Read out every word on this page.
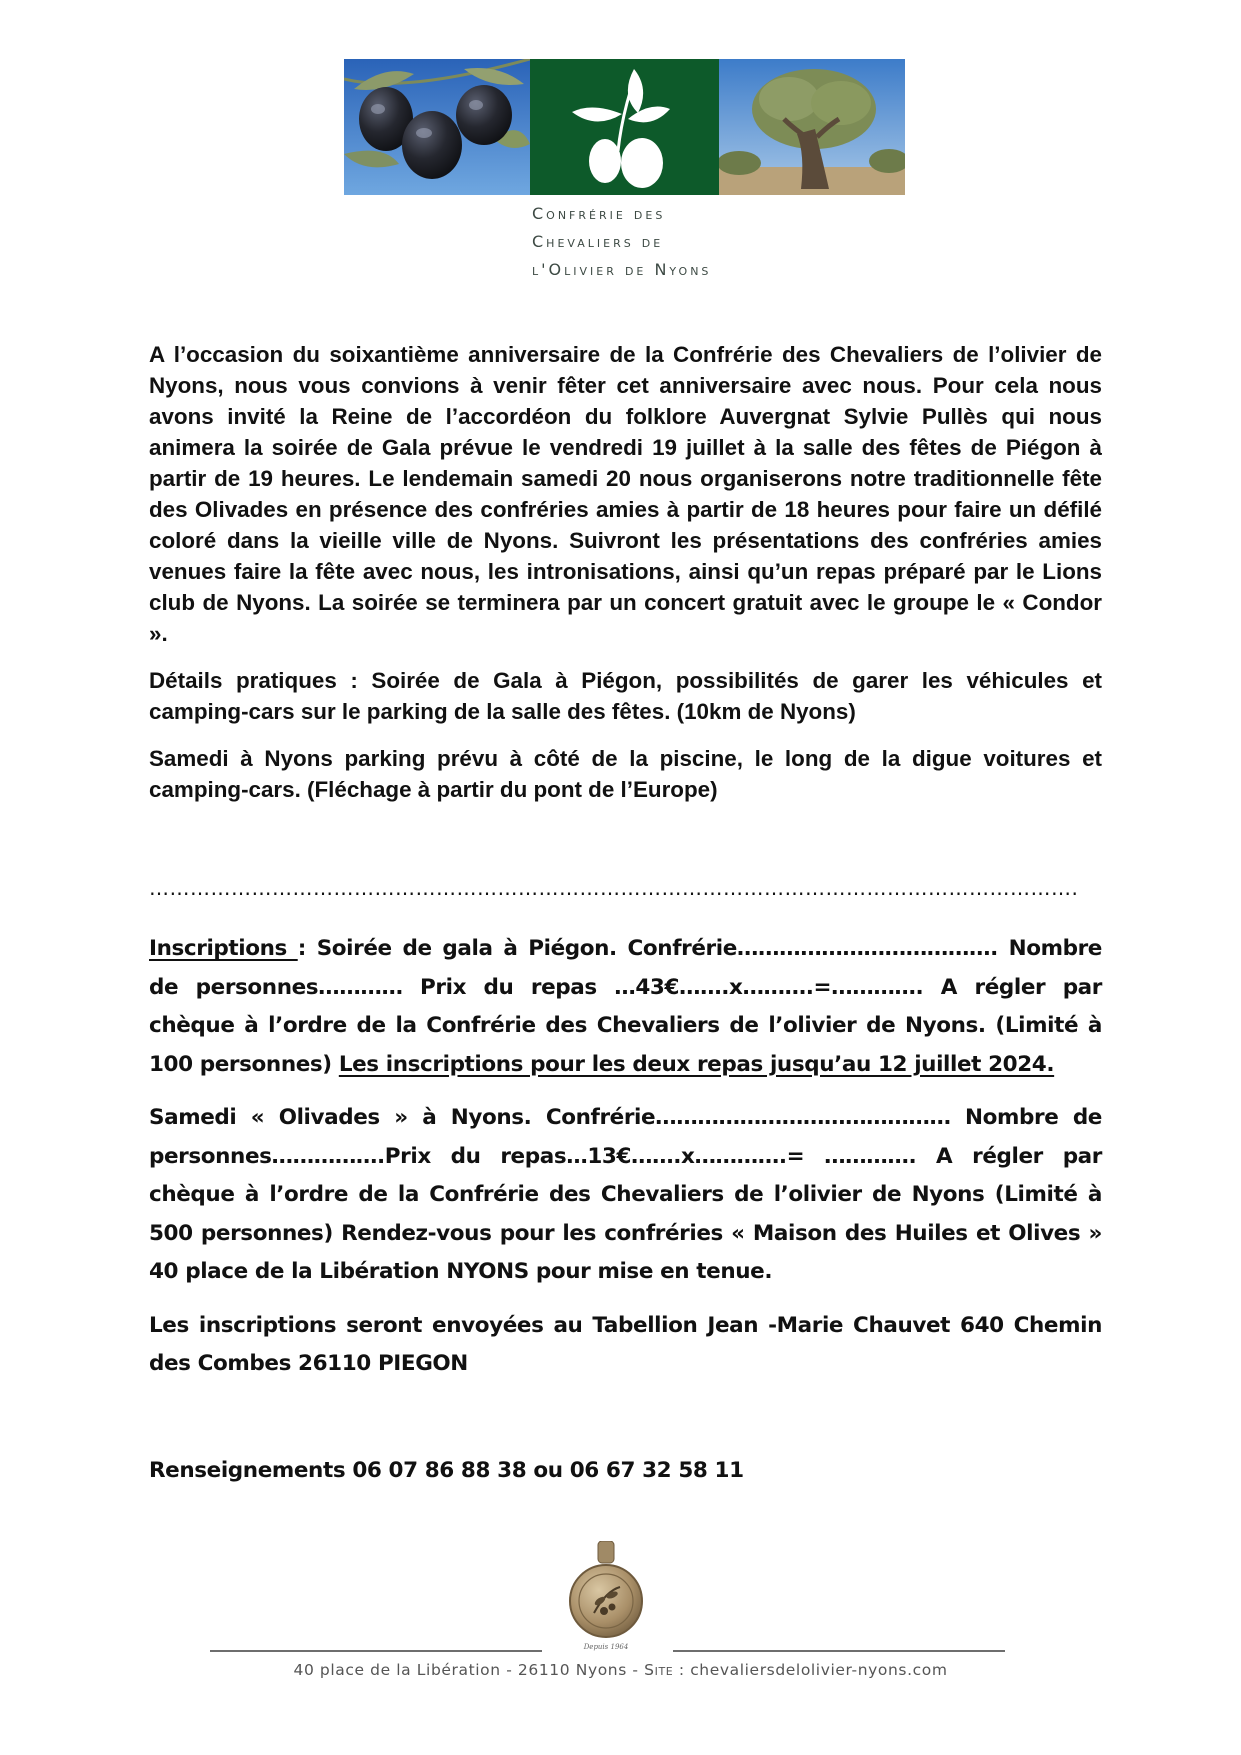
Confrérie des
Chevaliers de
l'Olivier de Nyons

A l’occasion du soixantième anniversaire de la Confrérie des Chevaliers de l’olivier de Nyons, nous vous convions à venir fêter cet anniversaire avec nous. Pour cela nous avons invité la Reine de l’accordéon du folklore Auvergnat Sylvie Pullès qui nous animera la soirée de Gala prévue le vendredi 19 juillet à la salle des fêtes de Piégon à partir de 19 heures. Le lendemain samedi 20 nous organiserons notre traditionnelle fête des Olivades en présence des confréries amies à partir de 18 heures pour faire un défilé coloré dans la vieille ville de Nyons. Suivront les présentations des confréries amies venues faire la fête avec nous, les intronisations, ainsi qu’un repas préparé par le Lions club de Nyons. La soirée se terminera par un concert gratuit avec le groupe le « Condor ».

Détails pratiques : Soirée de Gala à Piégon, possibilités de garer les véhicules et camping-cars sur le parking de la salle des fêtes. (10km de Nyons)

Samedi à Nyons parking prévu à côté de la piscine, le long de la digue voitures et camping-cars. (Fléchage à partir du pont de l’Europe)

……………………………………………………………………………………………………………………….

Inscriptions : Soirée de gala à Piégon. Confrérie………………………………. Nombre de personnes………… Prix du repas …43€…….x……….=…………. A régler par chèque à l’ordre de la Confrérie des Chevaliers de l’olivier de Nyons. (Limité à 100 personnes) Les inscriptions pour les deux repas jusqu’au 12 juillet 2024.

Samedi « Olivades » à Nyons. Confrérie…………………………………… Nombre de personnes…………….Prix du repas…13€…….x………….= …………. A régler par chèque à l’ordre de la Confrérie des Chevaliers de l’olivier de Nyons (Limité à 500 personnes) Rendez-vous pour les confréries « Maison des Huiles et Olives » 40 place de la Libération NYONS pour mise en tenue.

Les inscriptions seront envoyées au Tabellion Jean -Marie Chauvet 640 Chemin des Combes 26110 PIEGON

Renseignements 06 07 86 88 38 ou 06 67 32 58 11
Depuis 1964
40 place de la Libération - 26110 Nyons - Site : chevaliersdelolivier-nyons.com
